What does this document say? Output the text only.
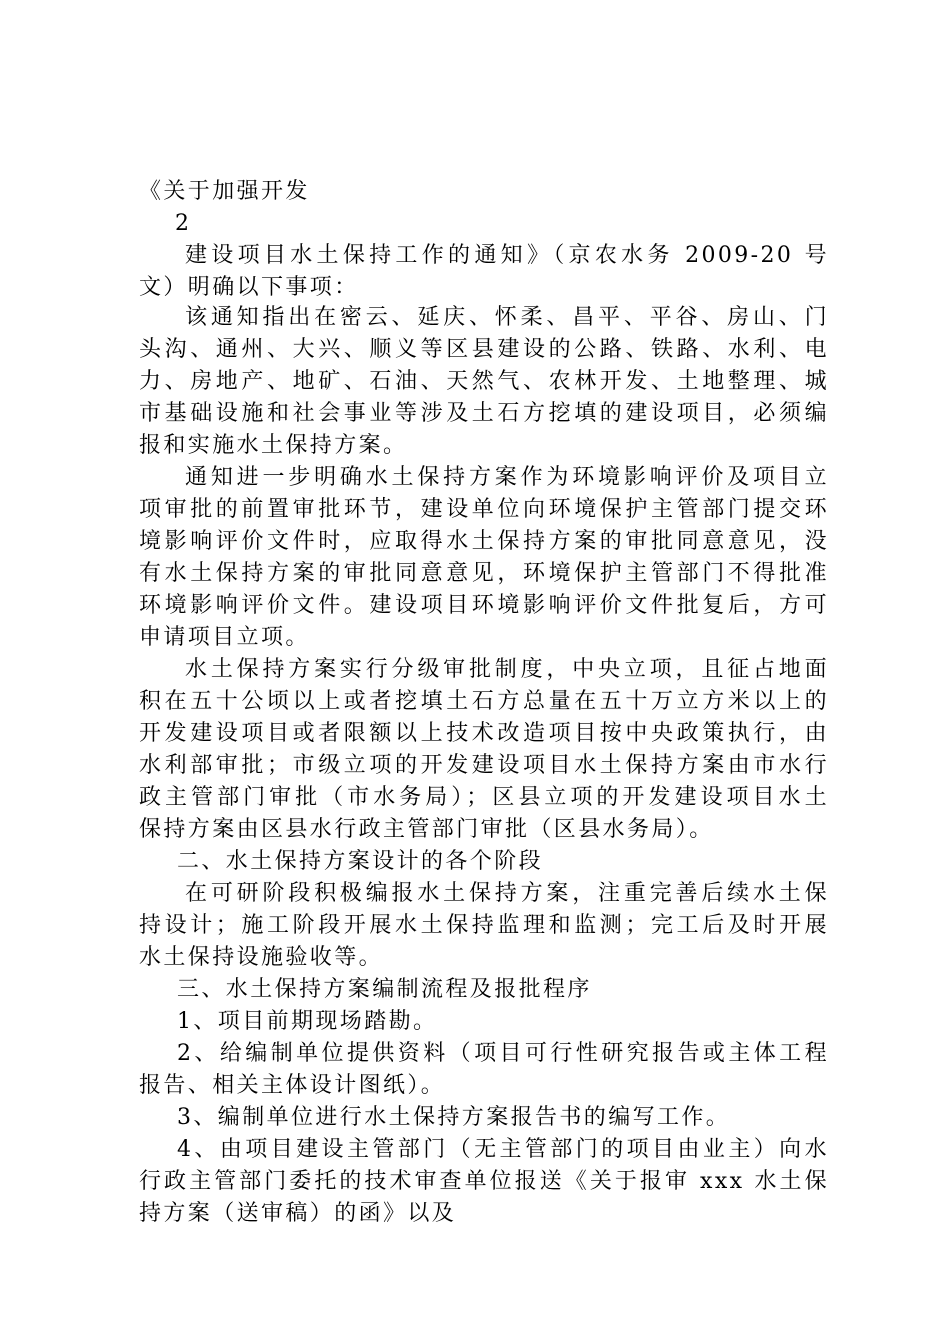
《关于加强开发
2
建设项目水土保持工作的通知》（京农水务 2009-20 号
文）明确以下事项：
该通知指出在密云、延庆、怀柔、昌平、平谷、房山、门
头沟、通州、大兴、顺义等区县建设的公路、铁路、水利、电
力、房地产、地矿、石油、天然气、农林开发、土地整理、城
市基础设施和社会事业等涉及土石方挖填的建设项目，必须编
报和实施水土保持方案。
通知进一步明确水土保持方案作为环境影响评价及项目立
项审批的前置审批环节，建设单位向环境保护主管部门提交环
境影响评价文件时，应取得水土保持方案的审批同意意见，没
有水土保持方案的审批同意意见，环境保护主管部门不得批准
环境影响评价文件。建设项目环境影响评价文件批复后，方可
申请项目立项。
水土保持方案实行分级审批制度，中央立项，且征占地面
积在五十公顷以上或者挖填土石方总量在五十万立方米以上的
开发建设项目或者限额以上技术改造项目按中央政策执行，由
水利部审批；市级立项的开发建设项目水土保持方案由市水行
政主管部门审批（市水务局）；区县立项的开发建设项目水土
保持方案由区县水行政主管部门审批（区县水务局）。
二、水土保持方案设计的各个阶段
在可研阶段积极编报水土保持方案，注重完善后续水土保
持设计；施工阶段开展水土保持监理和监测；完工后及时开展
水土保持设施验收等。
三、水土保持方案编制流程及报批程序
1、项目前期现场踏勘。
2、给编制单位提供资料（项目可行性研究报告或主体工程
报告、相关主体设计图纸）。
3、编制单位进行水土保持方案报告书的编写工作。
4、由项目建设主管部门（无主管部门的项目由业主）向水
行政主管部门委托的技术审查单位报送《关于报审 xxx 水土保
持方案（送审稿）的函》以及
